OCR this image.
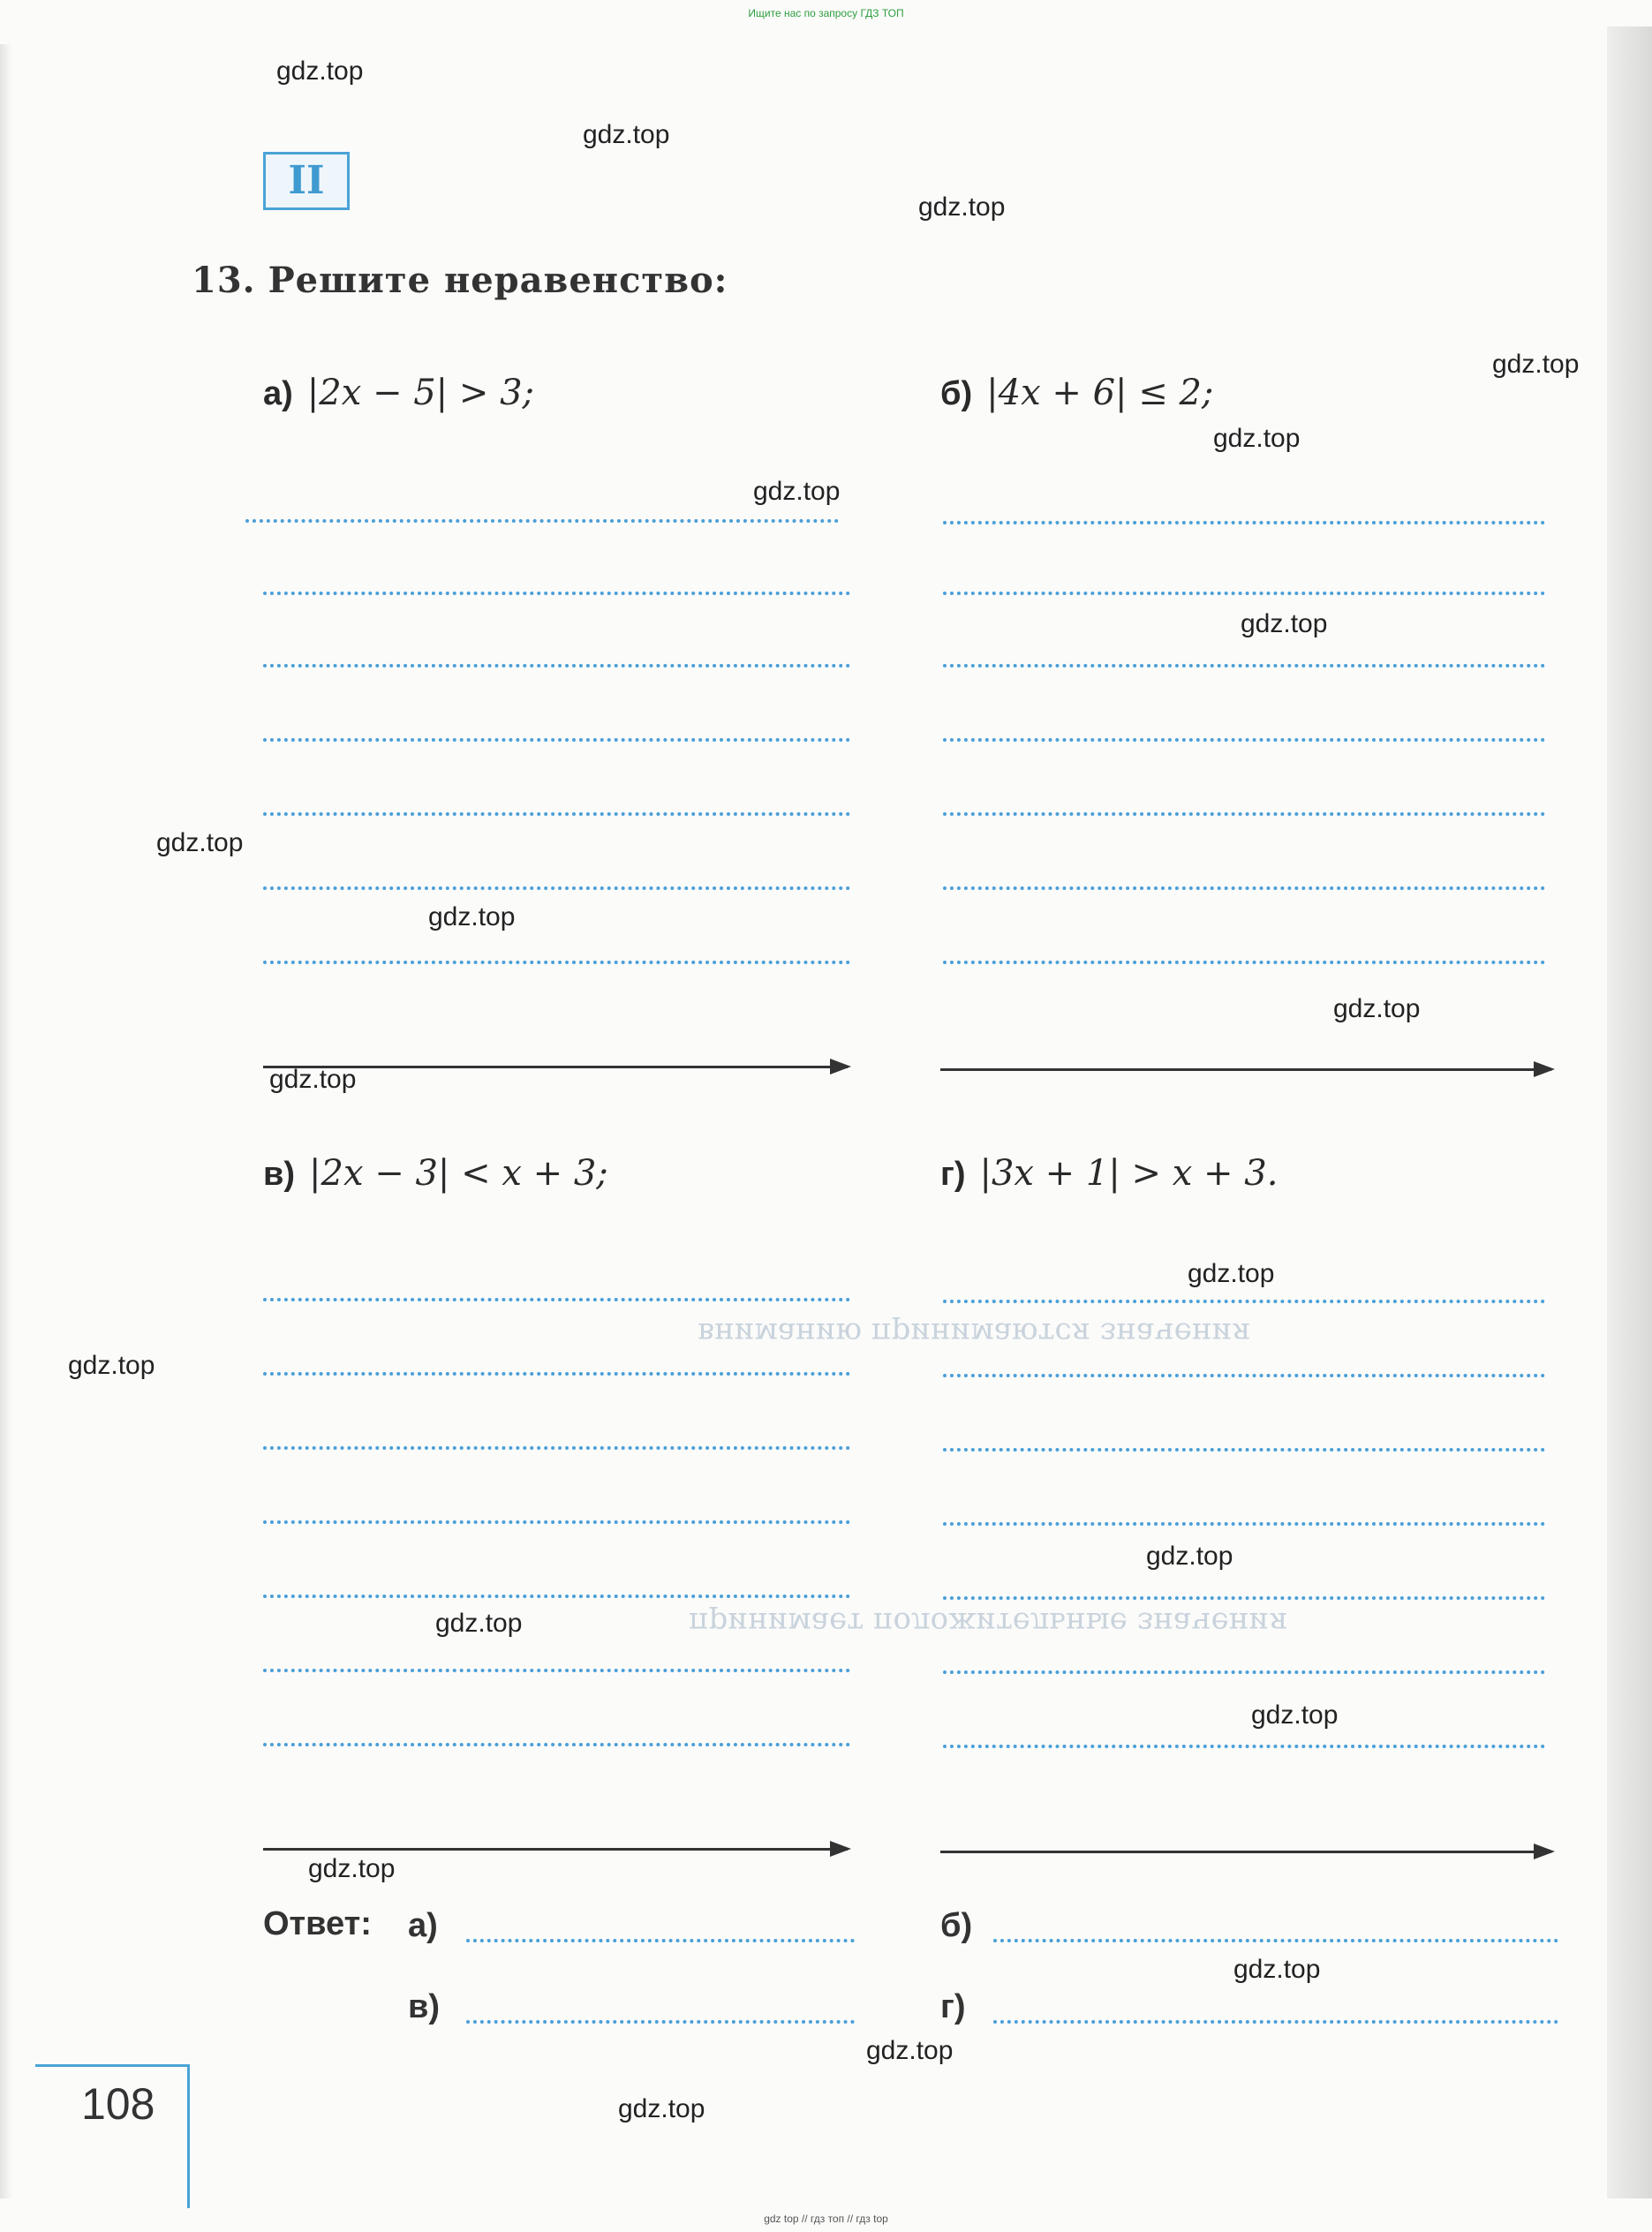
Ищите нас по запросу ГДЗ ТОП
вниманию принимаются значения
принимает положительные значения
II
13. Решите неравенство:
а) |2x − 5| > 3;	б) |4x + 6| ≤ 2;
в) |2x − 3| < x + 3;	г) |3x + 1| > x + 3.
Ответ: а)	б)
в)	г)
108
gdz.top
gdz.top
gdz.top
gdz.top
gdz.top
gdz.top
gdz.top
gdz.top
gdz.top
gdz.top
gdz.top
gdz.top
gdz.top
gdz.top
gdz.top
gdz.top
gdz.top
gdz.top
gdz.top
gdz.top
gdz top // гдз топ // гдз top
